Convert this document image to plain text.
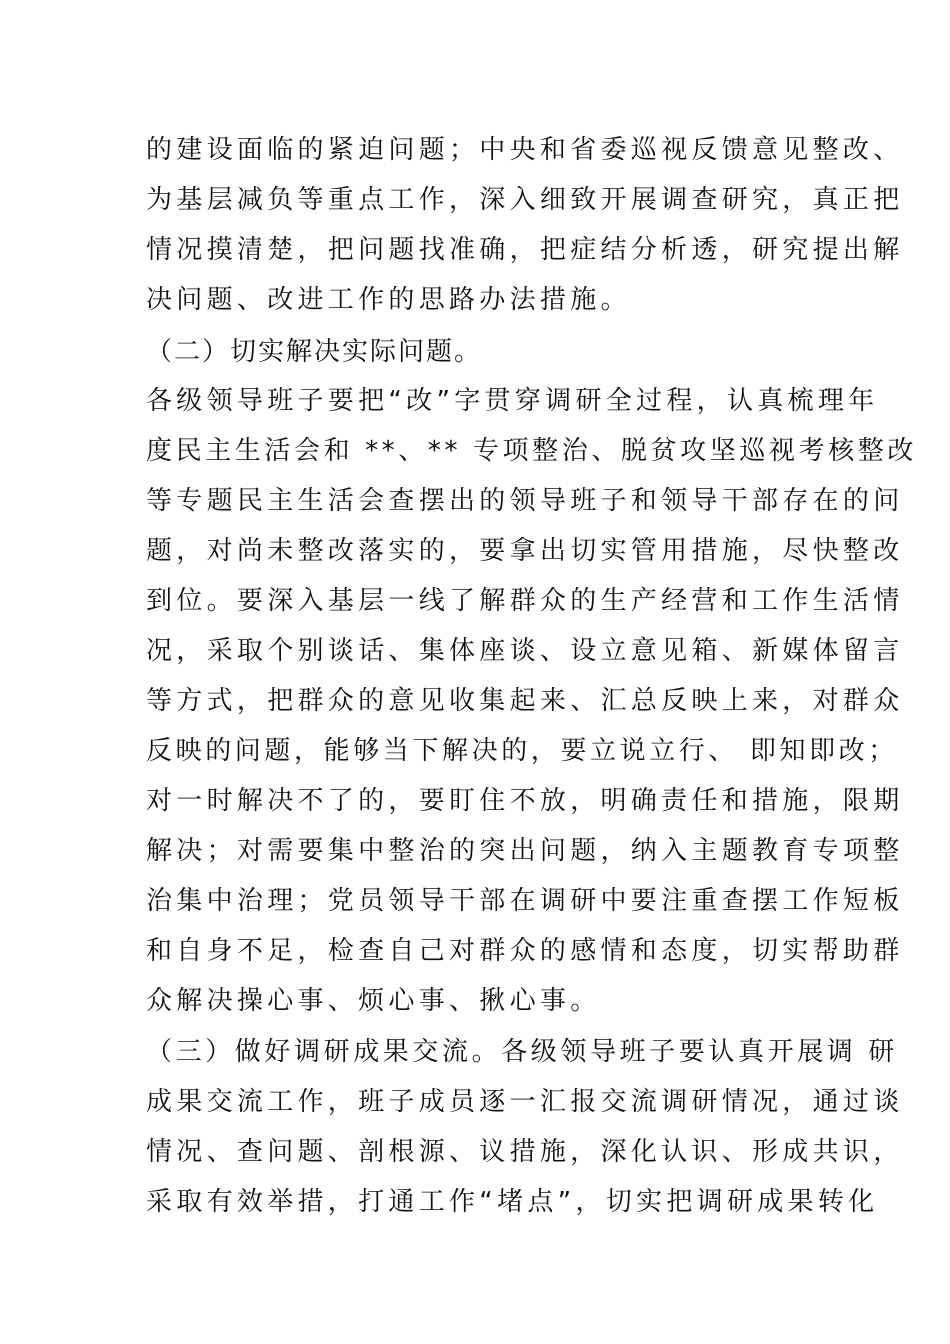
的建设面临的紧迫问题；中央和省委巡视反馈意见整改、
为基层减负等重点工作，深入细致开展调查研究，真正把
情况摸清楚，把问题找准确，把症结分析透，研究提出解
决问题、改进工作的思路办法措施。
（二）切实解决实际问题。
各级领导班子要把“改”字贯穿调研全过程，认真梳理年
度民主生活会和 **、** 专项整治、脱贫攻坚巡视考核整改
等专题民主生活会查摆出的领导班子和领导干部存在的问
题，对尚未整改落实的，要拿出切实管用措施，尽快整改
到位。要深入基层一线了解群众的生产经营和工作生活情
况，采取个别谈话、集体座谈、设立意见箱、新媒体留言
等方式，把群众的意见收集起来、汇总反映上来，对群众
反映的问题，能够当下解决的，要立说立行、 即知即改；
对一时解决不了的，要盯住不放，明确责任和措施，限期
解决；对需要集中整治的突出问题，纳入主题教育专项整
治集中治理；党员领导干部在调研中要注重查摆工作短板
和自身不足，检查自己对群众的感情和态度，切实帮助群
众解决操心事、烦心事、揪心事。
（三）做好调研成果交流。各级领导班子要认真开展调 研
成果交流工作，班子成员逐一汇报交流调研情况，通过谈
情况、查问题、剖根源、议措施，深化认识、形成共识，
采取有效举措，打通工作“堵点”，切实把调研成果转化
